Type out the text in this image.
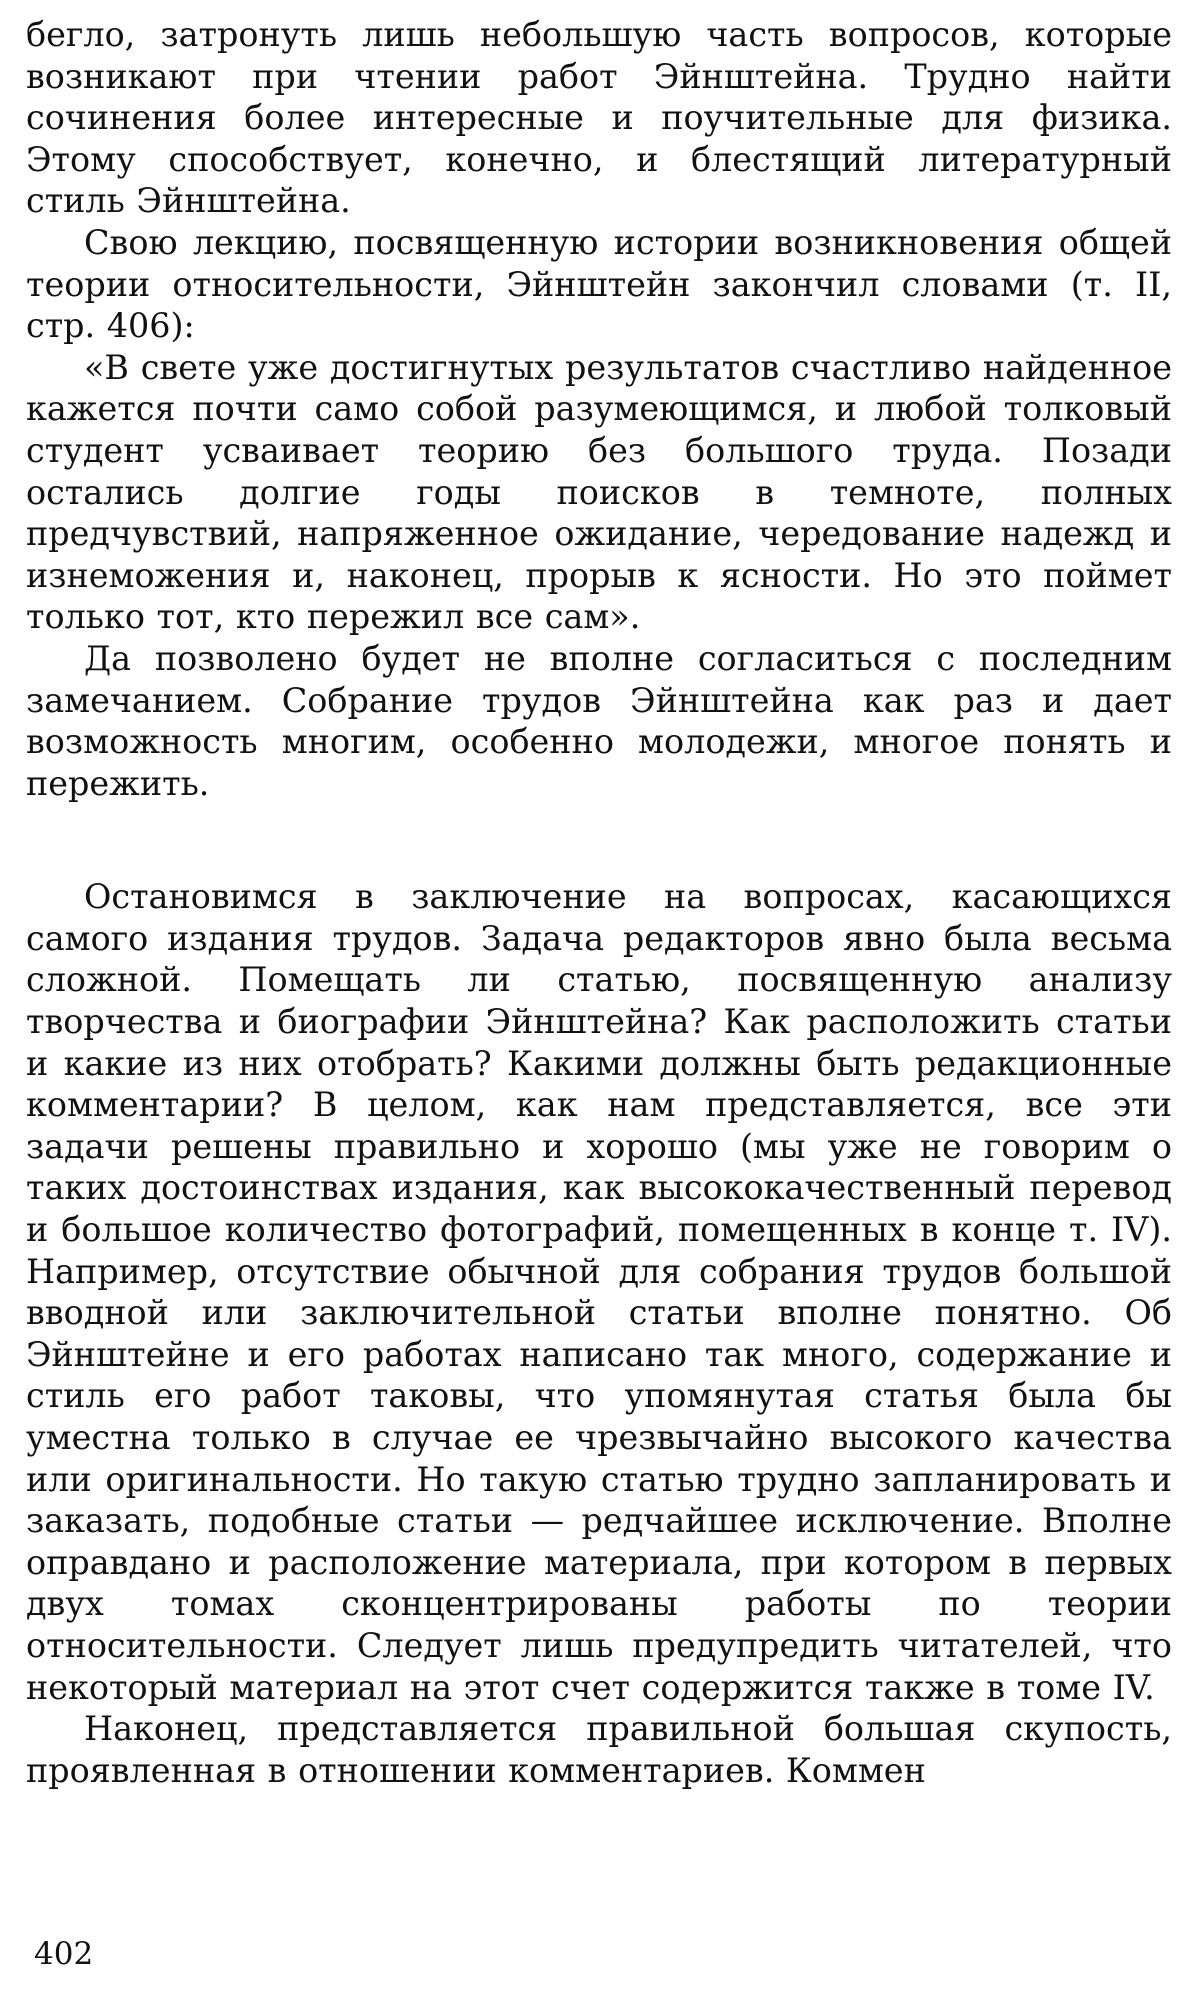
бегло, затронуть лишь небольшую часть вопросов, которые возникают при чтении работ Эйнштейна. Трудно найти сочинения более интересные и поучительные для физика. Этому способствует, конечно, и блестящий литературный стиль Эйнштейна.

Свою лекцию, посвященную истории возникновения общей теории относительности, Эйнштейн закончил словами (т. II, стр. 406):

«В свете уже достигнутых результатов счастливо найденное кажется почти само собой разумеющимся, и любой толковый студент усваивает теорию без большого труда. Позади остались долгие годы поисков в темноте, полных предчувствий, напряженное ожидание, чередование надежд и изнеможения и, наконец, прорыв к ясности. Но это поймет только тот, кто пережил все сам».

Да позволено будет не вполне согласиться с последним замечанием. Собрание трудов Эйнштейна как раз и дает возможность многим, особенно молодежи, многое понять и пережить.

Остановимся в заключение на вопросах, касающихся самого издания трудов. Задача редакторов явно была весьма сложной. Помещать ли статью, посвященную анализу творчества и биографии Эйнштейна? Как расположить статьи и какие из них отобрать? Какими должны быть редакционные комментарии? В целом, как нам представляется, все эти задачи решены правильно и хорошо (мы уже не говорим о таких достоинствах издания, как высококачественный перевод и большое количество фотографий, помещенных в конце т. IV). Например, отсутствие обычной для собрания трудов большой вводной или заключительной статьи вполне понятно. Об Эйнштейне и его работах написано так много, содержание и стиль его работ таковы, что упомянутая статья была бы уместна только в случае ее чрезвычайно высокого качества или оригинальности. Но такую статью трудно запланировать и заказать, подобные статьи — редчайшее исключение. Вполне оправдано и расположение материала, при котором в первых двух томах сконцентрированы работы по теории относительности. Следует лишь предупредить читателей, что некоторый материал на этот счет содержится также в томе IV.

Наконец, представляется правильной большая скупость, проявленная в отношении комментариев. Коммен

402
